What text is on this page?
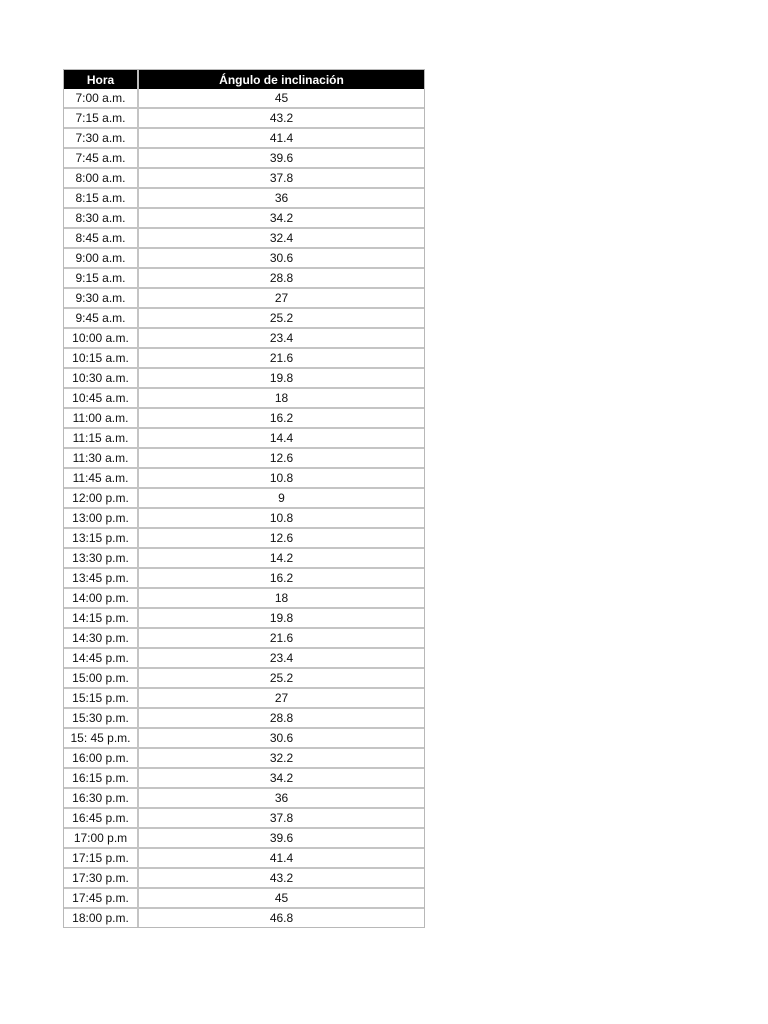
Hora	Ángulo de inclinación
7:00 a.m.	45
7:15 a.m.	43.2
7:30 a.m.	41.4
7:45 a.m.	39.6
8:00 a.m.	37.8
8:15 a.m.	36
8:30 a.m.	34.2
8:45 a.m.	32.4
9:00 a.m.	30.6
9:15 a.m.	28.8
9:30 a.m.	27
9:45 a.m.	25.2
10:00 a.m.	23.4
10:15 a.m.	21.6
10:30 a.m.	19.8
10:45 a.m.	18
11:00 a.m.	16.2
11:15 a.m.	14.4
11:30 a.m.	12.6
11:45 a.m.	10.8
12:00 p.m.	9
13:00 p.m.	10.8
13:15 p.m.	12.6
13:30 p.m.	14.2
13:45 p.m.	16.2
14:00 p.m.	18
14:15 p.m.	19.8
14:30 p.m.	21.6
14:45 p.m.	23.4
15:00 p.m.	25.2
15:15 p.m.	27
15:30 p.m.	28.8
15: 45 p.m.	30.6
16:00 p.m.	32.2
16:15 p.m.	34.2
16:30 p.m.	36
16:45 p.m.	37.8
17:00 p.m	39.6
17:15 p.m.	41.4
17:30 p.m.	43.2
17:45 p.m.	45
18:00 p.m.	46.8
